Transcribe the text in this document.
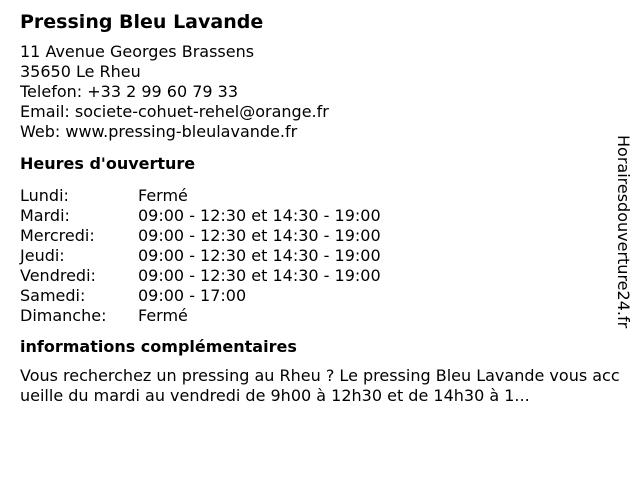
Pressing Bleu Lavande
11 Avenue Georges Brassens
35650 Le Rheu
Telefon: +33 2 99 60 79 33
Email: societe-cohuet-rehel@orange.fr
Web: www.pressing-bleulavande.fr
Heures d'ouverture
Lundi:	Fermé
Mardi:	09:00 - 12:30 et 14:30 - 19:00
Mercredi:	09:00 - 12:30 et 14:30 - 19:00
Jeudi:	09:00 - 12:30 et 14:30 - 19:00
Vendredi:	09:00 - 12:30 et 14:30 - 19:00
Samedi:	09:00 - 17:00
Dimanche:	Fermé
informations complémentaires
Vous recherchez un pressing au Rheu ? Le pressing Bleu Lavande vous accueille du mardi au vendredi de 9h00 à 12h30 et de 14h30 à 1...
Horairesdouverture24.fr
